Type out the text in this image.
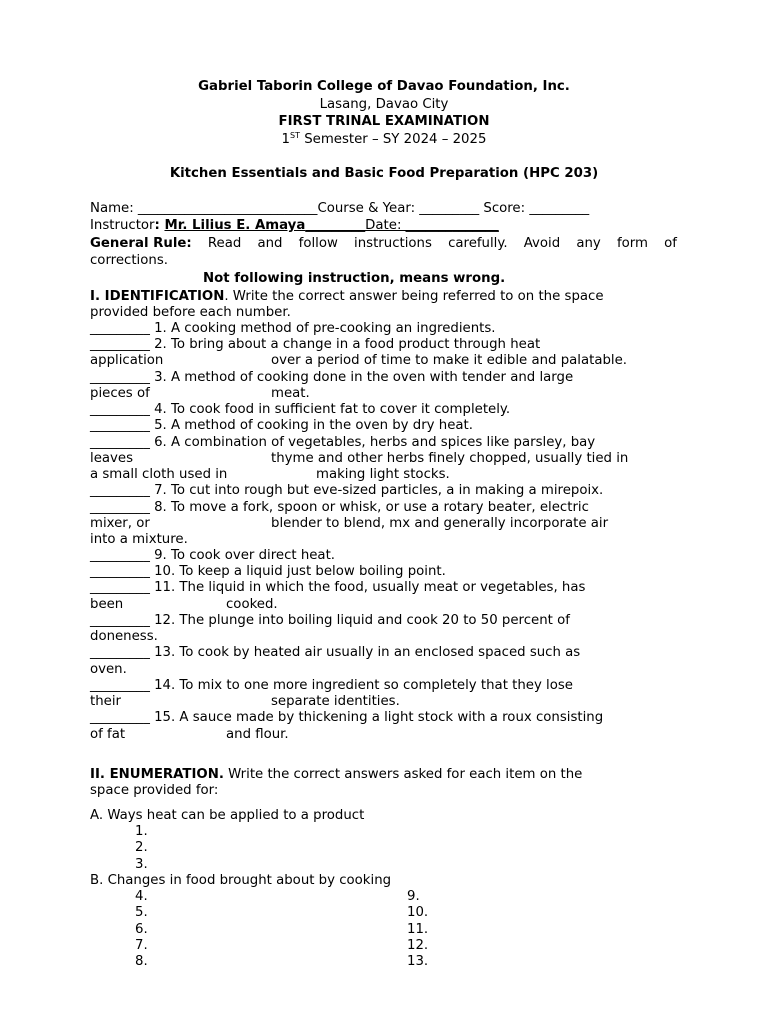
Gabriel Taborin College of Davao Foundation, Inc.
Lasang, Davao City
FIRST TRINAL EXAMINATION
1ST Semester – SY 2024 – 2025
Kitchen Essentials and Basic Food Preparation (HPC 203)
Name: ___________________________Course & Year: _________ Score: _________
Instructor: Mr. Lilius E. Amaya_________Date: ______________
General Rule: Read and follow instructions carefully. Avoid any form of
corrections.
Not following instruction, means wrong.
I. IDENTIFICATION. Write the correct answer being referred to on the space
provided before each number.
_________ 1. A cooking method of pre-cooking an ingredients.
_________ 2. To bring about a change in a food product through heat
application	over a period of time to make it edible and palatable.
_________ 3. A method of cooking done in the oven with tender and large
pieces of	meat.
_________ 4. To cook food in sufficient fat to cover it completely.
_________ 5. A method of cooking in the oven by dry heat.
_________ 6. A combination of vegetables, herbs and spices like parsley, bay
leaves	thyme and other herbs finely chopped, usually tied in
a small cloth used in	making light stocks.
_________ 7. To cut into rough but eve-sized particles, a in making a mirepoix.
_________ 8. To move a fork, spoon or whisk, or use a rotary beater, electric
mixer, or	blender to blend, mx and generally incorporate air
into a mixture.
_________ 9. To cook over direct heat.
_________ 10. To keep a liquid just below boiling point.
_________ 11. The liquid in which the food, usually meat or vegetables, has
been	cooked.
_________ 12. The plunge into boiling liquid and cook 20 to 50 percent of
doneness.
_________ 13. To cook by heated air usually in an enclosed spaced such as
oven.
_________ 14. To mix to one more ingredient so completely that they lose
their	separate identities.
_________ 15. A sauce made by thickening a light stock with a roux consisting
of fat	and flour.
II. ENUMERATION. Write the correct answers asked for each item on the
space provided for:
A. Ways heat can be applied to a product
1.
2.
3.
B. Changes in food brought about by cooking
4.
5.
6.
7.
8.
9.
10.
11.
12.
13.
